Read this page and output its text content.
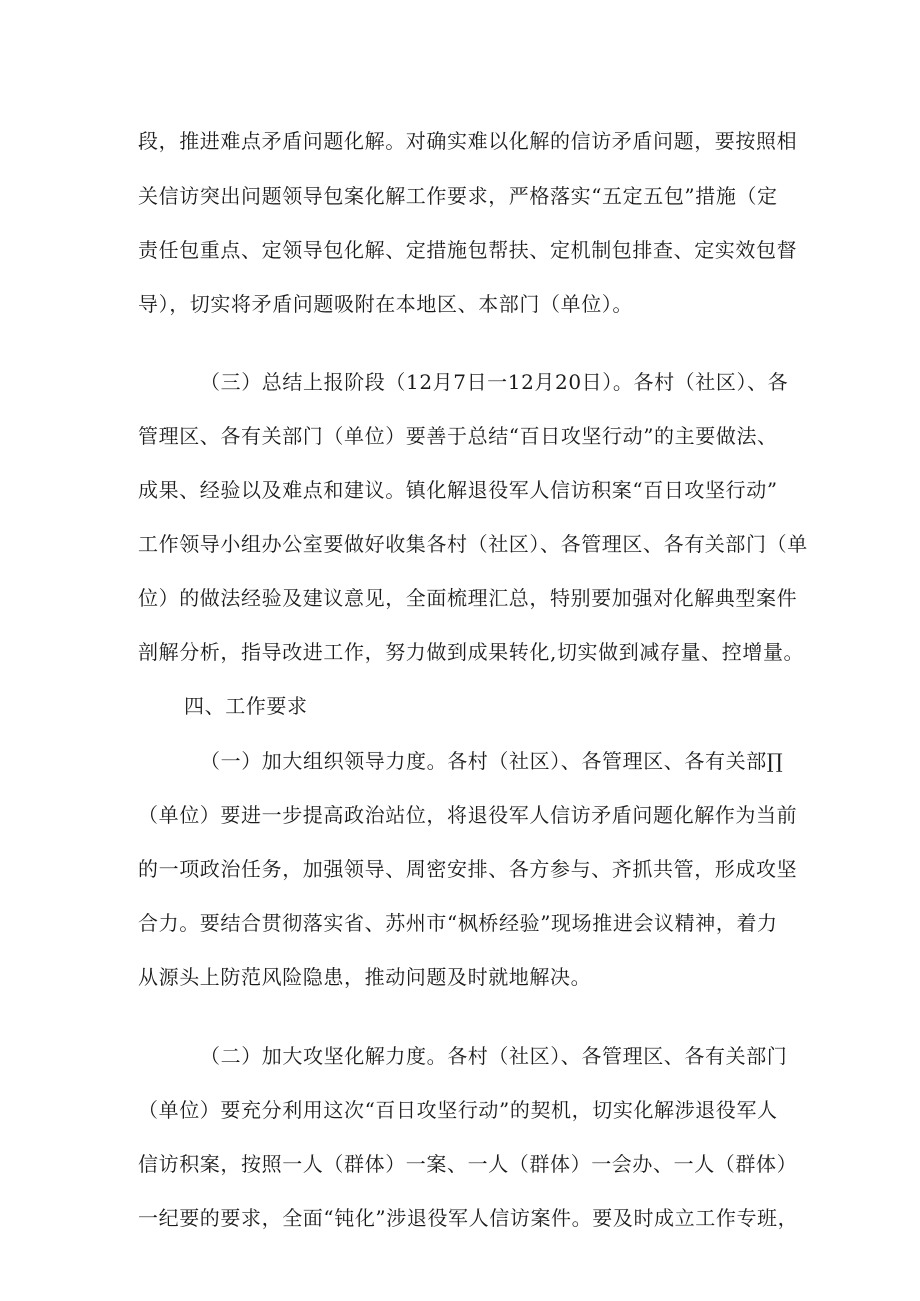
段，推进难点矛盾问题化解。对确实难以化解的信访矛盾问题，要按照相
关信访突出问题领导包案化解工作要求，严格落实“五定五包”措施（定
责任包重点、定领导包化解、定措施包帮扶、定机制包排查、定实效包督
导），切实将矛盾问题吸附在本地区、本部门（单位）。
（三）总结上报阶段（12月7日一12月20日）。各村（社区）、各
管理区、各有关部门（单位）要善于总结“百日攻坚行动”的主要做法、
成果、经验以及难点和建议。镇化解退役军人信访积案“百日攻坚行动”
工作领导小组办公室要做好收集各村（社区）、各管理区、各有关部门（单
位）的做法经验及建议意见，全面梳理汇总，特别要加强对化解典型案件
剖解分析，指导改进工作，努力做到成果转化,切实做到减存量、控增量。
四、工作要求
（一）加大组织领导力度。各村（社区）、各管理区、各有关部∏
（单位）要进一步提高政治站位，将退役军人信访矛盾问题化解作为当前
的一项政治任务，加强领导、周密安排、各方参与、齐抓共管，形成攻坚
合力。要结合贯彻落实省、苏州市“枫桥经验”现场推进会议精神，着力
从源头上防范风险隐患，推动问题及时就地解决。
（二）加大攻坚化解力度。各村（社区）、各管理区、各有关部门
（单位）要充分利用这次“百日攻坚行动”的契机，切实化解涉退役军人
信访积案，按照一人（群体）一案、一人（群体）一会办、一人（群体）
一纪要的要求，全面“钝化”涉退役军人信访案件。要及时成立工作专班，
